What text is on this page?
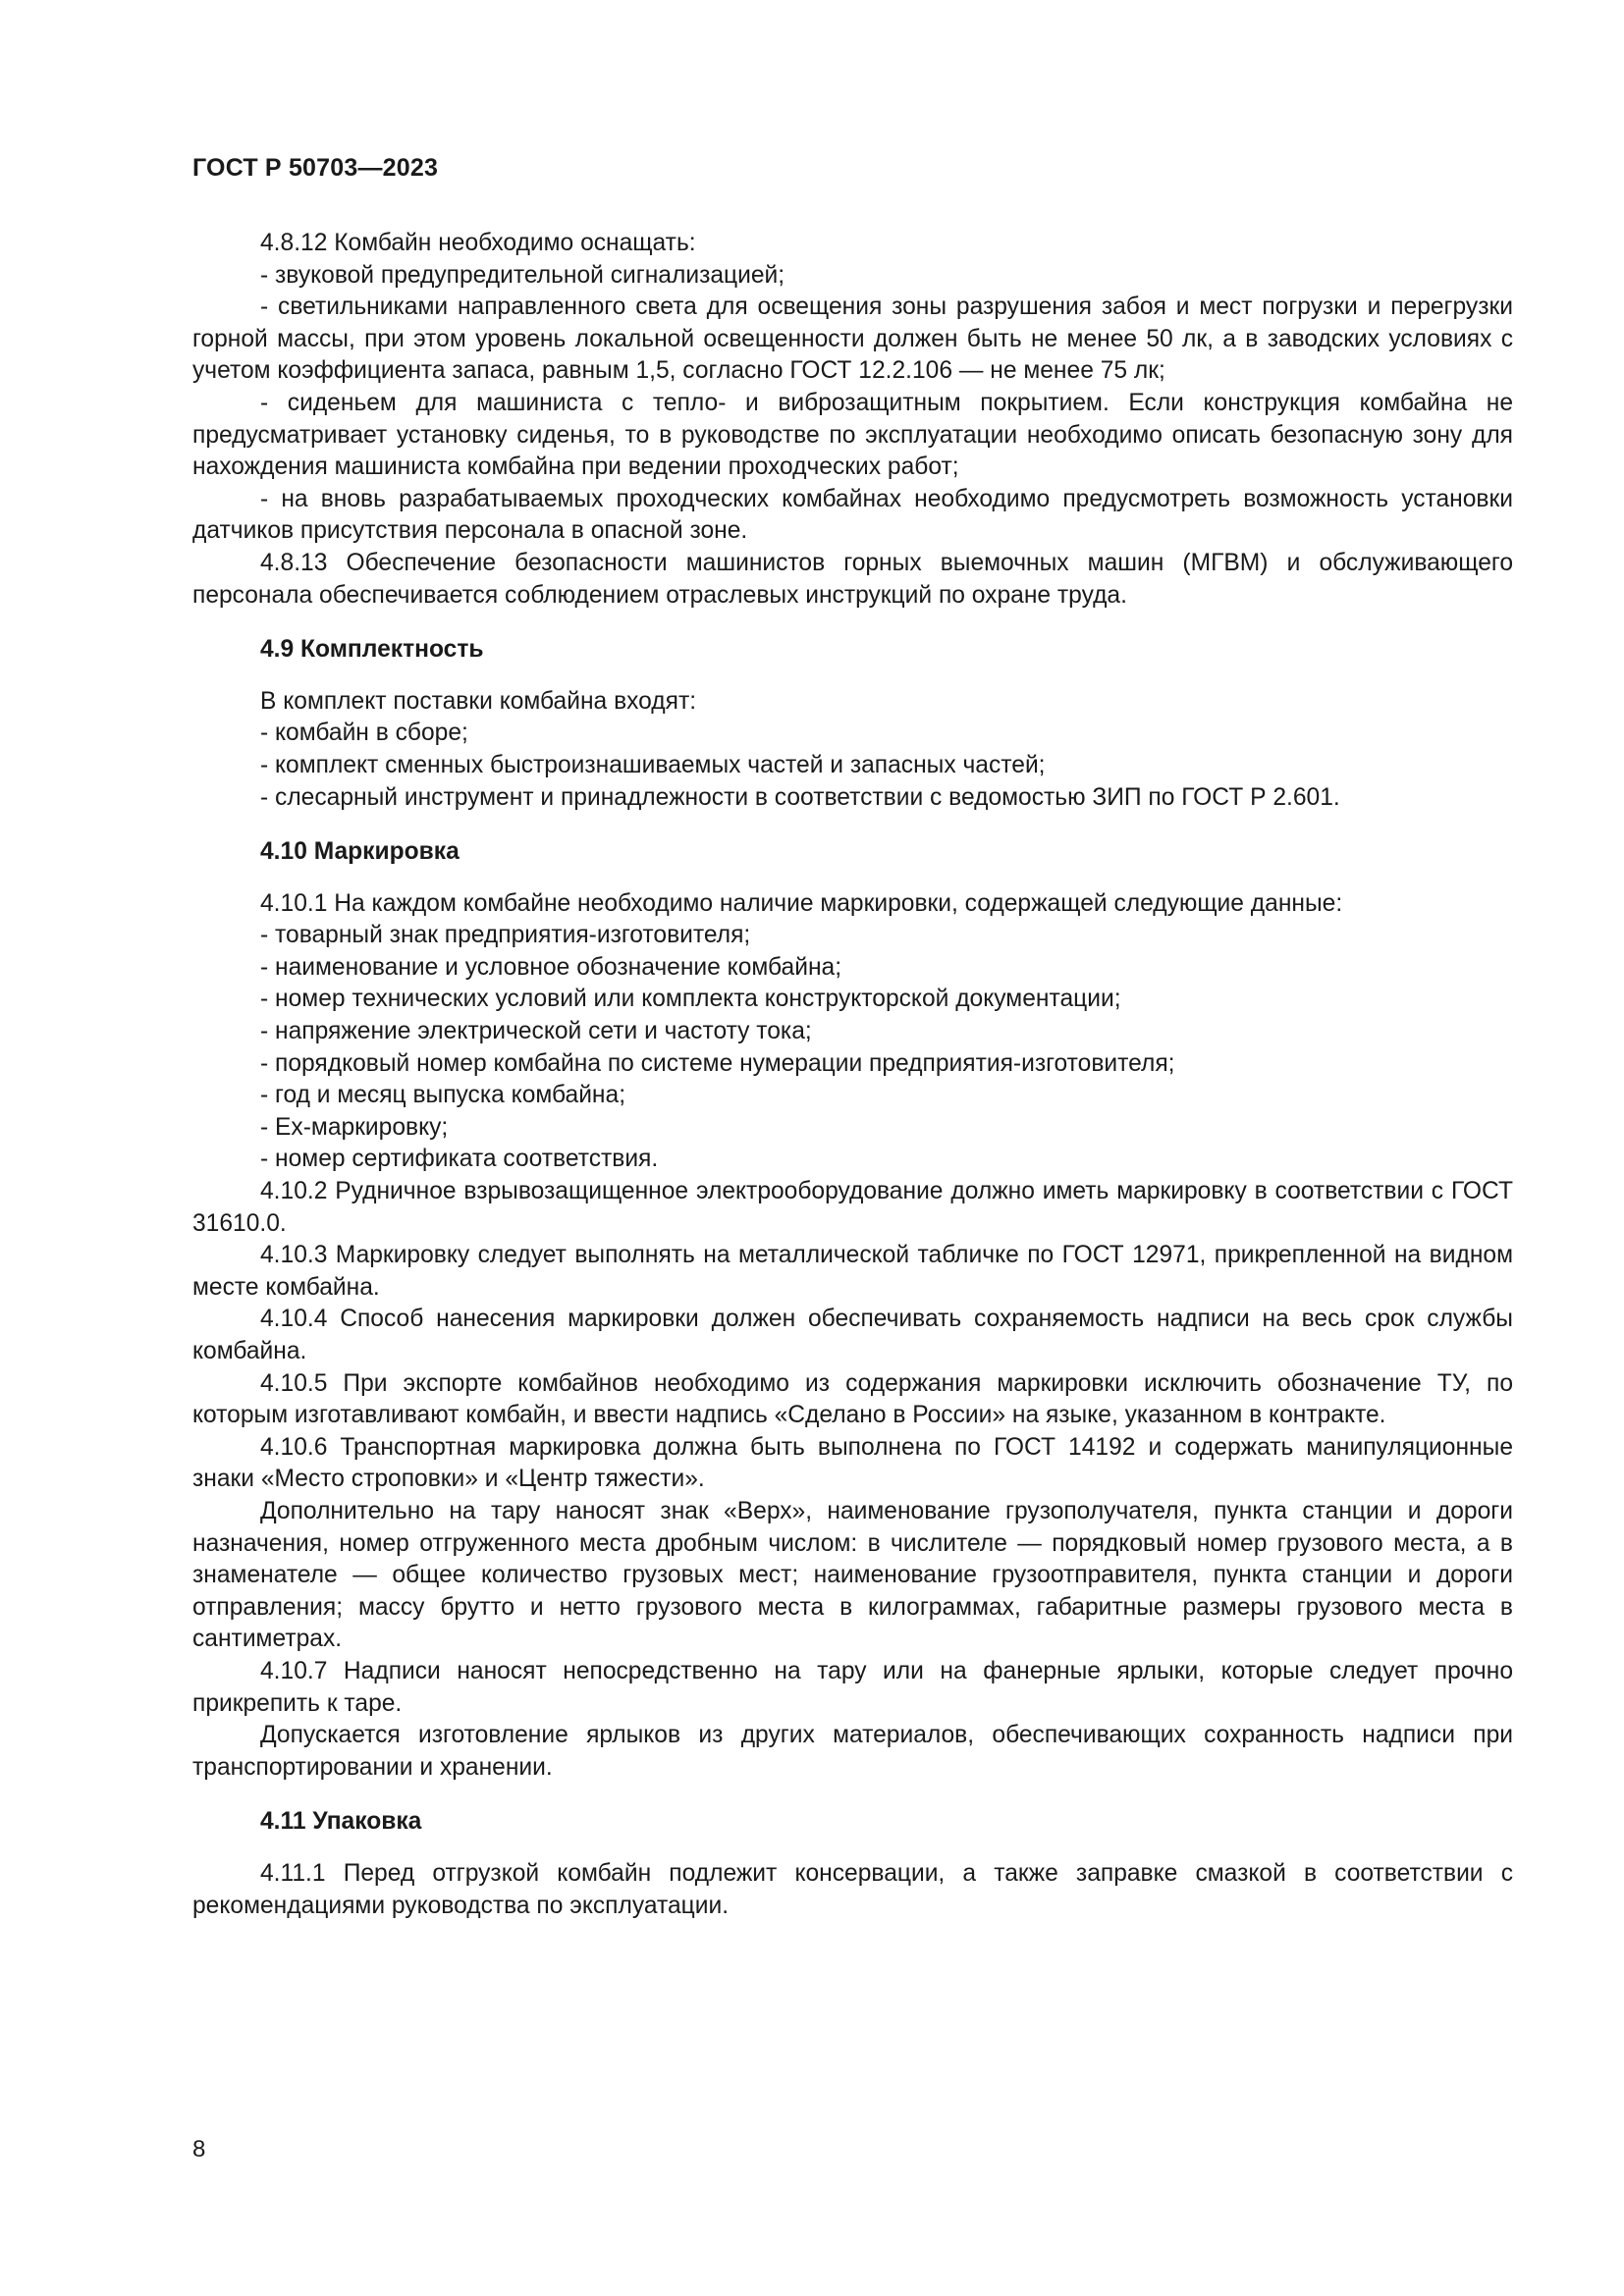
ГОСТ Р 50703—2023

4.8.12 Комбайн необходимо оснащать:

- звуковой предупредительной сигнализацией;

- светильниками направленного света для освещения зоны разрушения забоя и мест погрузки и перегрузки горной массы, при этом уровень локальной освещенности должен быть не менее 50 лк, а в заводских условиях с учетом коэффициента запаса, равным 1,5, согласно ГОСТ 12.2.106 — не менее 75 лк;

- сиденьем для машиниста с тепло- и виброзащитным покрытием. Если конструкция комбайна не предусматривает установку сиденья, то в руководстве по эксплуатации необходимо описать безопасную зону для нахождения машиниста комбайна при ведении проходческих работ;

- на вновь разрабатываемых проходческих комбайнах необходимо предусмотреть возможность установки датчиков присутствия персонала в опасной зоне.

4.8.13 Обеспечение безопасности машинистов горных выемочных машин (МГВМ) и обслуживающего персонала обеспечивается соблюдением отраслевых инструкций по охране труда.

4.9 Комплектность

В комплект поставки комбайна входят:

- комбайн в сборе;

- комплект сменных быстроизнашиваемых частей и запасных частей;

- слесарный инструмент и принадлежности в соответствии с ведомостью ЗИП по ГОСТ Р 2.601.

4.10 Маркировка

4.10.1 На каждом комбайне необходимо наличие маркировки, содержащей следующие данные:

- товарный знак предприятия-изготовителя;

- наименование и условное обозначение комбайна;

- номер технических условий или комплекта конструкторской документации;

- напряжение электрической сети и частоту тока;

- порядковый номер комбайна по системе нумерации предприятия-изготовителя;

- год и месяц выпуска комбайна;

- Ех-маркировку;

- номер сертификата соответствия.

4.10.2 Рудничное взрывозащищенное электрооборудование должно иметь маркировку в соответствии с ГОСТ 31610.0.

4.10.3 Маркировку следует выполнять на металлической табличке по ГОСТ 12971, прикрепленной на видном месте комбайна.

4.10.4 Способ нанесения маркировки должен обеспечивать сохраняемость надписи на весь срок службы комбайна.

4.10.5 При экспорте комбайнов необходимо из содержания маркировки исключить обозначение ТУ, по которым изготавливают комбайн, и ввести надпись «Сделано в России» на языке, указанном в контракте.

4.10.6 Транспортная маркировка должна быть выполнена по ГОСТ 14192 и содержать манипуляционные знаки «Место строповки» и «Центр тяжести».

Дополнительно на тару наносят знак «Верх», наименование грузополучателя, пункта станции и дороги назначения, номер отгруженного места дробным числом: в числителе — порядковый номер грузового места, а в знаменателе — общее количество грузовых мест; наименование грузоотправителя, пункта станции и дороги отправления; массу брутто и нетто грузового места в килограммах, габаритные размеры грузового места в сантиметрах.

4.10.7 Надписи наносят непосредственно на тару или на фанерные ярлыки, которые следует прочно прикрепить к таре.

Допускается изготовление ярлыков из других материалов, обеспечивающих сохранность надписи при транспортировании и хранении.

4.11 Упаковка

4.11.1 Перед отгрузкой комбайн подлежит консервации, а также заправке смазкой в соответствии с рекомендациями руководства по эксплуатации.

8
